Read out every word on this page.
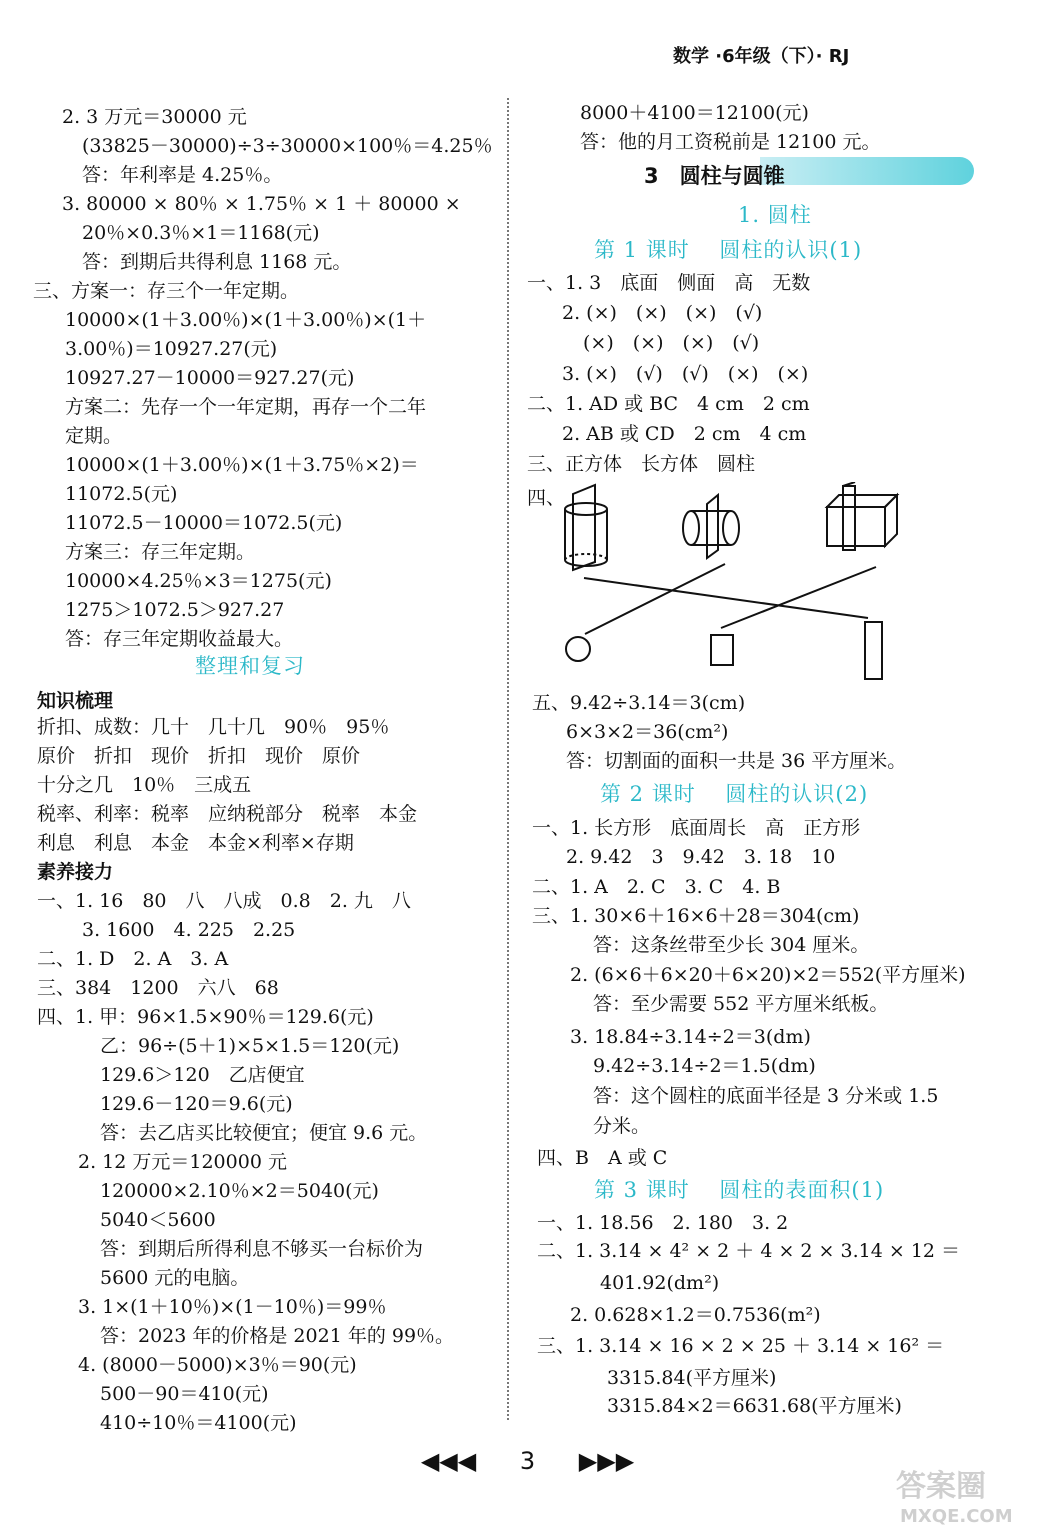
数学 ·6年级（下）· RJ
2. 3 万元＝30000 元
(33825－30000)÷3÷30000×100％＝4.25％
答：年利率是 4.25％。
3. 80000 × 80％ × 1.75％ × 1 ＋ 80000 ×
20％×0.3％×1＝1168(元)
答：到期后共得利息 1168 元。
三、方案一：存三个一年定期。
10000×(1＋3.00％)×(1＋3.00％)×(1＋
3.00％)＝10927.27(元)
10927.27－10000＝927.27(元)
方案二：先存一个一年定期，再存一个二年
定期。
10000×(1＋3.00％)×(1＋3.75％×2)＝
11072.5(元)
11072.5－10000＝1072.5(元)
方案三：存三年定期。
10000×4.25％×3＝1275(元)
1275＞1072.5＞927.27
答：存三年定期收益最大。
折扣、成数：几十　几十几　90％　95％
原价　折扣　现价　折扣　现价　原价
十分之几　10％　三成五
税率、利率：税率　应纳税部分　税率　本金
利息　利息　本金　本金×利率×存期
一、1. 16　80　八　八成　0.8　2. 九　八
3. 1600　4. 225　2.25
二、1. D　2. A　3. A
三、384　1200　六八　68
四、1. 甲：96×1.5×90％＝129.6(元)
乙：96÷(5＋1)×5×1.5＝120(元)
129.6＞120　乙店便宜
129.6－120＝9.6(元)
答：去乙店买比较便宜；便宜 9.6 元。
2. 12 万元＝120000 元
120000×2.10％×2＝5040(元)
5040＜5600
答：到期后所得利息不够买一台标价为
5600 元的电脑。
3. 1×(1＋10％)×(1－10％)＝99％
答：2023 年的价格是 2021 年的 99％。
4. (8000－5000)×3％＝90(元)
500－90＝410(元)
410÷10％＝4100(元)
知识梳理
素养接力
整理和复习
8000＋4100＝12100(元)
答：他的月工资税前是 12100 元。
一、1. 3　底面　侧面　高　无数
2. (×)　(×)　(×)　(√)
(×)　(×)　(×)　(√)
3. (×)　(√)　(√)　(×)　(×)
二、1. AD 或 BC　4 cm　2 cm
2. AB 或 CD　2 cm　4 cm
三、正方体　长方体　圆柱
四、
五、9.42÷3.14＝3(cm)
6×3×2＝36(cm²)
答：切割面的面积一共是 36 平方厘米。
一、1. 长方形　底面周长　高　正方形
2. 9.42　3　9.42　3. 18　10
二、1. A　2. C　3. C　4. B
三、1. 30×6＋16×6＋28＝304(cm)
答：这条丝带至少长 304 厘米。
2. (6×6＋6×20＋6×20)×2＝552(平方厘米)
答：至少需要 552 平方厘米纸板。
3. 18.84÷3.14÷2＝3(dm)
9.42÷3.14÷2＝1.5(dm)
答：这个圆柱的底面半径是 3 分米或 1.5
分米。
四、B　A 或 C
一、1. 18.56　2. 180　3. 2
二、1. 3.14 × 4² × 2 ＋ 4 × 2 × 3.14 × 12 ＝
401.92(dm²)
2. 0.628×1.2＝0.7536(m²)
三、1. 3.14 × 16 × 2 × 25 ＋ 3.14 × 16² ＝
3315.84(平方厘米)
3315.84×2＝6631.68(平方厘米)
3　圆柱与圆锥
1. 圆柱
第 1 课时　 圆柱的认识(1)
第 2 课时　 圆柱的认识(2)
第 3 课时　 圆柱的表面积(1)
◀◀◀ 3 ▶▶▶
答案圈
MXQE.COM
